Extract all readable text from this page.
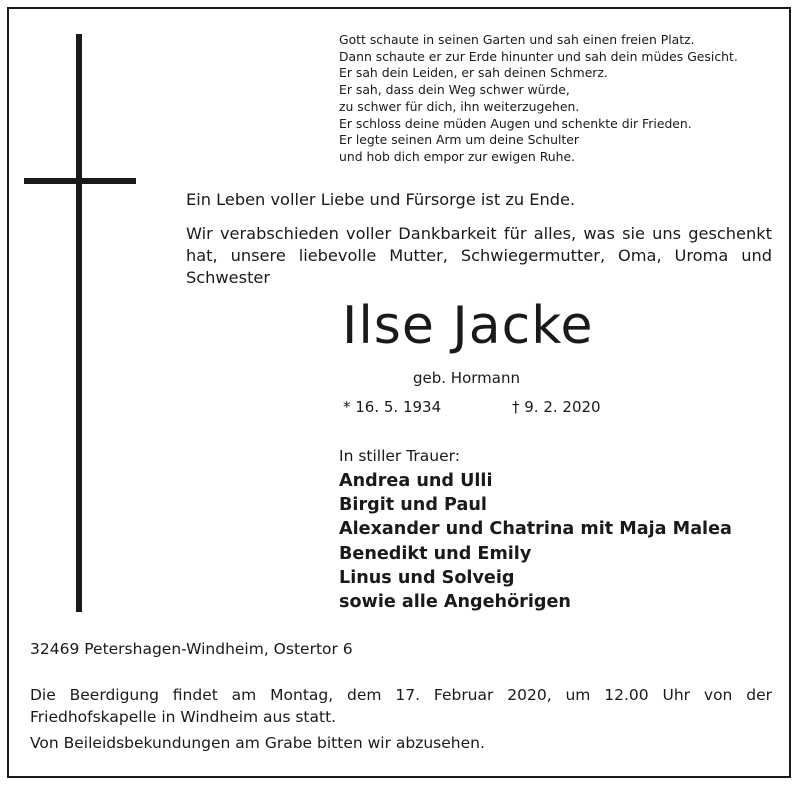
Gott schaute in seinen Garten und sah einen freien Platz.
Dann schaute er zur Erde hinunter und sah dein müdes Gesicht.
Er sah dein Leiden, er sah deinen Schmerz.
Er sah, dass dein Weg schwer würde,
zu schwer für dich, ihn weiterzugehen.
Er schloss deine müden Augen und schenkte dir Frieden.
Er legte seinen Arm um deine Schulter
und hob dich empor zur ewigen Ruhe.

Ein Leben voller Liebe und Fürsorge ist zu Ende.

Wir verabschieden voller Dankbarkeit für alles, was sie uns geschenkt hat, unsere liebevolle Mutter, Schwiegermutter, Oma, Uroma und Schwester

Ilse Jacke
geb. Hormann
* 16. 5. 1934	† 9. 2. 2020
In stiller Trauer:
Andrea und Ulli
Birgit und Paul
Alexander und Chatrina mit Maja Malea
Benedikt und Emily
Linus und Solveig
sowie alle Angehörigen
32469 Petershagen-Windheim, Ostertor 6
Die Beerdigung findet am Montag, dem 17. Februar 2020, um 12.00 Uhr von der Friedhofskapelle in Windheim aus statt.
Von Beileidsbekundungen am Grabe bitten wir abzusehen.
